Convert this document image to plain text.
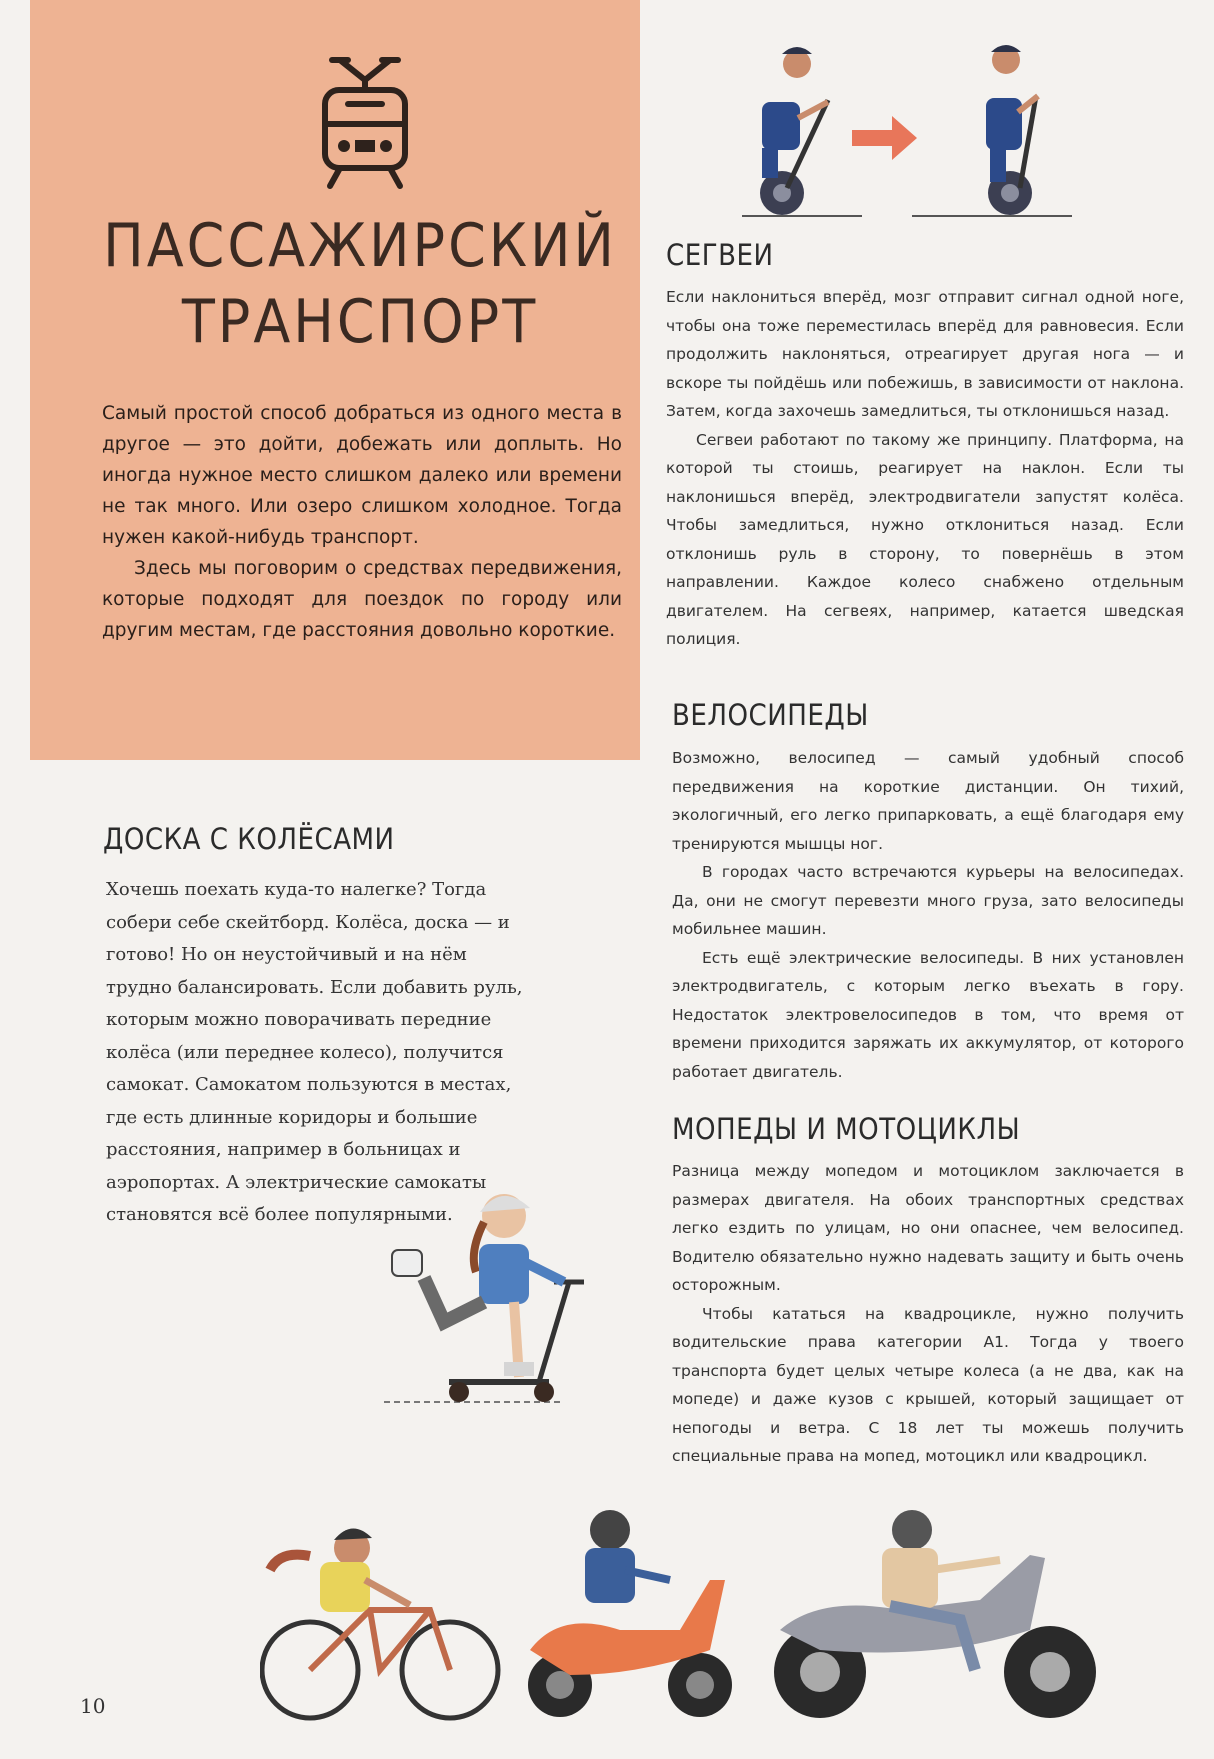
ПАССАЖИРСКИЙ
ТРАНСПОРТ

Самый простой способ добраться из одного места в другое — это дойти, добежать или доплыть. Но иногда нужное место слишком далеко или времени не так много. Или озеро слишком холодное. Тогда нужен какой-нибудь транспорт.

Здесь мы поговорим о средствах передвижения, которые подходят для поездок по городу или другим местам, где расстояния довольно короткие.

СЕГВЕИ

Если наклониться вперёд, мозг отправит сигнал одной ноге, чтобы она тоже переместилась вперёд для равновесия. Если продолжить наклоняться, отреагирует другая нога — и вскоре ты пойдёшь или побежишь, в зависимости от наклона. Затем, когда захочешь замедлиться, ты отклонишься назад.

Сегвеи работают по такому же принципу. Платформа, на которой ты стоишь, реагирует на наклон. Если ты наклонишься вперёд, электродвигатели запустят колёса. Чтобы замедлиться, нужно отклониться назад. Если отклонишь руль в сторону, то повернёшь в этом направлении. Каждое колесо снабжено отдельным двигателем. На сегвеях, например, катается шведская полиция.

ВЕЛОСИПЕДЫ

Возможно, велосипед — самый удобный способ передвижения на короткие дистанции. Он тихий, экологичный, его легко припарковать, а ещё благодаря ему тренируются мышцы ног.

В городах часто встречаются курьеры на велосипедах. Да, они не смогут перевезти много груза, зато велосипеды мобильнее машин.

Есть ещё электрические велосипеды. В них установлен электродвигатель, с которым легко въехать в гору. Недостаток электровелосипедов в том, что время от времени приходится заряжать их аккумулятор, от которого работает двигатель.

МОПЕДЫ И МОТОЦИКЛЫ

Разница между мопедом и мотоциклом заключается в размерах двигателя. На обоих транспортных средствах легко ездить по улицам, но они опаснее, чем велосипед. Водителю обязательно нужно надевать защиту и быть очень осторожным.

Чтобы кататься на квадроцикле, нужно получить водительские права категории А1. Тогда у твоего транспорта будет целых четыре колеса (а не два, как на мопеде) и даже кузов с крышей, который защищает от непогоды и ветра. С 18 лет ты можешь получить специальные права на мопед, мотоцикл или квадроцикл.

ДОСКА С КОЛЁСАМИ

Хочешь поехать куда-то налегке? Тогда собери себе скейтборд. Колёса, доска — и готово! Но он неустойчивый и на нём трудно балансировать. Если добавить руль, которым можно поворачивать передние колёса (или переднее колесо), получится самокат. Самокатом пользуются в местах, где есть длинные коридоры и большие расстояния, например в больницах и аэропортах. А электрические самокаты становятся всё более популярными.

10
